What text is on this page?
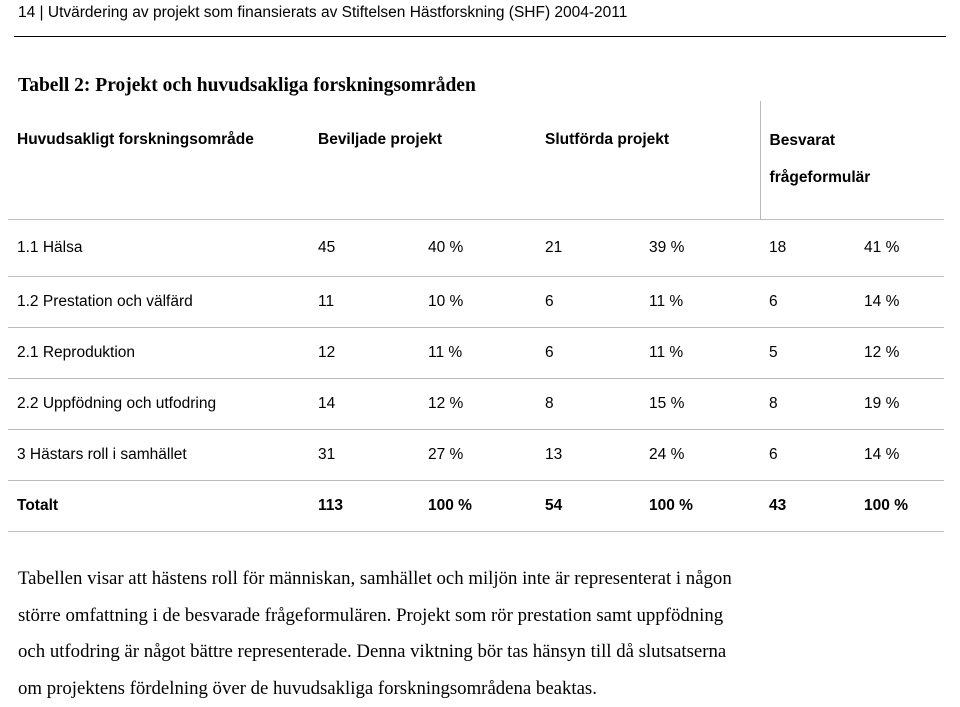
14 | Utvärdering av projekt som finansierats av Stiftelsen Hästforskning (SHF) 2004-2011
Tabell 2: Projekt och huvudsakliga forskningsområden
Huvudsakligt forskningsområde	Beviljade projekt		Slutförda projekt		Besvarat
frågeformulär	
1.1 Hälsa	45	40 %	21	39 %	18	41 %
1.2 Prestation och välfärd	11	10 %	6	11 %	6	14 %
2.1 Reproduktion	12	11 %	6	11 %	5	12 %
2.2 Uppfödning och utfodring	14	12 %	8	15 %	8	19 %
3 Hästars roll i samhället	31	27 %	13	24 %	6	14 %
Totalt	113	100 %	54	100 %	43	100 %
Tabellen visar att hästens roll för människan, samhället och miljön inte är representerat i någon
större omfattning i de besvarade frågeformulären. Projekt som rör prestation samt uppfödning
och utfodring är något bättre representerade. Denna viktning bör tas hänsyn till då slutsatserna
om projektens fördelning över de huvudsakliga forskningsområdena beaktas.
